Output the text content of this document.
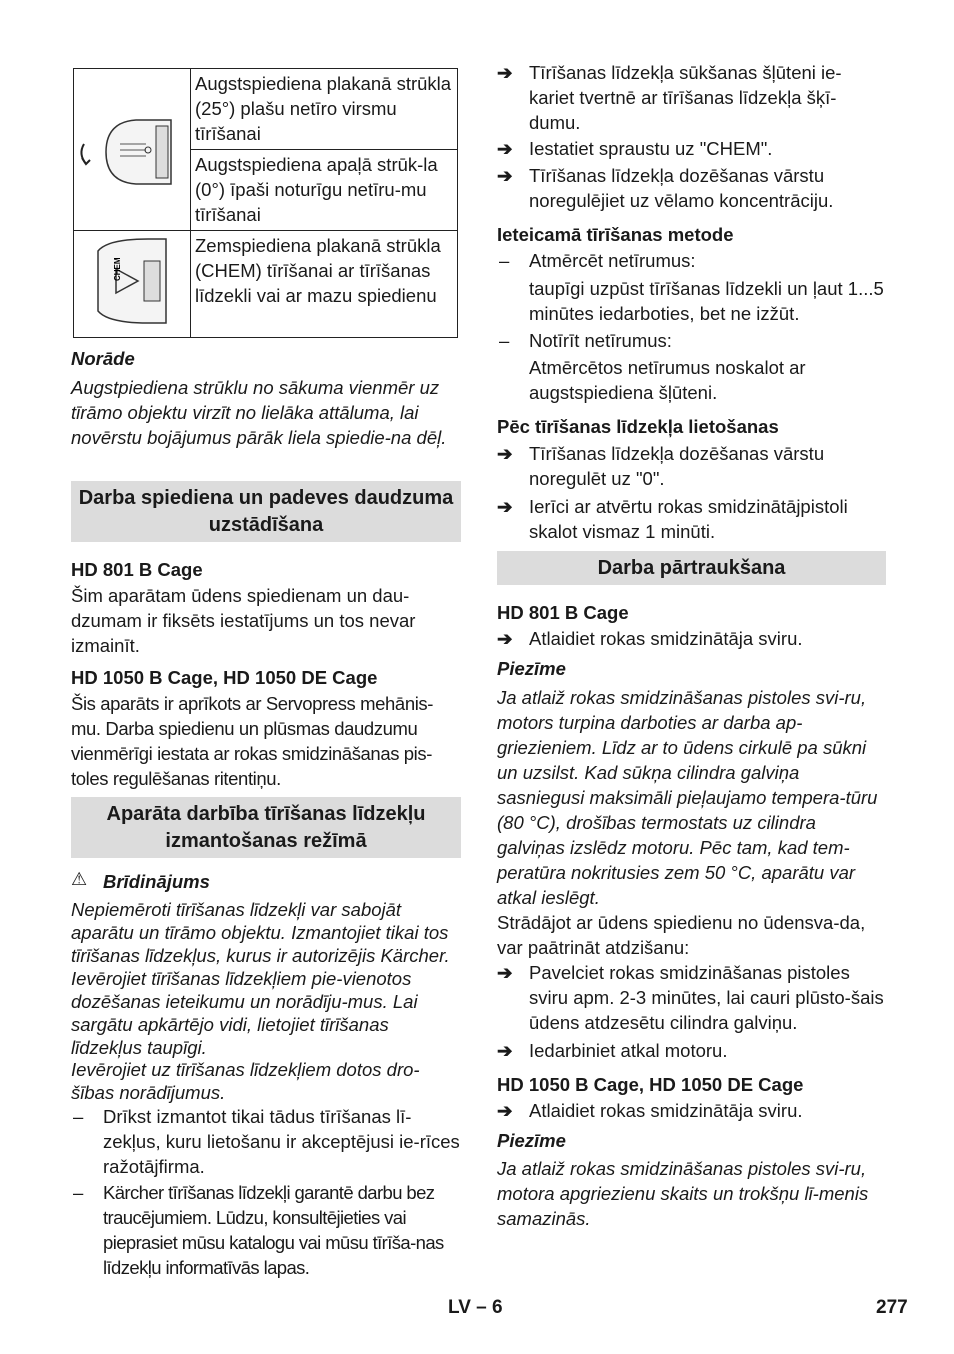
	Augstspiediena plakanā strūkla (25°) plašu netīro virsmu tīrīšanai
	Augstspiediena apaļā strūk-la (0°) īpaši noturīgu netīru-mu tīrīšanai

CHEM	Zemspiediena plakanā strūkla (CHEM) tīrīšanai ar tīrīšanas līdzekli vai ar mazu spiedienu

Norāde

Augstpiediena strūklu no sākuma vienmēr uz tīrāmo objektu virzīt no lielāka attāluma, lai novērstu bojājumus pārāk liela spiedie-na dēļ.

Darba spiediena un padeves daudzuma uzstādīšana

HD 801 B Cage

Šim aparātam ūdens spiedienam un dau-dzumam ir fiksēts iestatījums un tos nevar izmainīt.

HD 1050 B Cage, HD 1050 DE Cage

Šis aparāts ir aprīkots ar Servopress mehānis-mu. Darba spiedienu un plūsmas daudzumu vienmērīgi iestata ar rokas smidzināšanas pis-toles regulēšanas ritentiņu.

Aparāta darbība tīrīšanas līdzekļu izmantošanas režīmā
⚠ Brīdinājums

Nepiemēroti tīrīšanas līdzekļi var sabojāt aparātu un tīrāmo objektu. Izmantojiet tikai tos tīrīšanas līdzekļus, kurus ir autorizējis Kärcher. Ievērojiet tīrīšanas līdzekļiem pie-vienotos dozēšanas ieteikumu un norādīju-mus. Lai sargātu apkārtējo vidi, lietojiet tīrīšanas līdzekļus taupīgi.

Ievērojiet uz tīrīšanas līdzekļiem dotos dro-šības norādījumus.

– Drīkst izmantot tikai tādus tīrīšanas lī-zekļus, kuru lietošanu ir akceptējusi ie-rīces ražotājfirma.
– Kärcher tīrīšanas līdzekļi garantē darbu bez traucējumiem. Lūdzu, konsultējieties vai pieprasiet mūsu katalogu vai mūsu tīrīša-nas līdzekļu informatīvās lapas.
➔ Tīrīšanas līdzekļa sūkšanas šļūteni ie-kariet tvertnē ar tīrīšanas līdzekļa šķī-dumu.
➔ Iestatiet spraustu uz "CHEM".
➔ Tīrīšanas līdzekļa dozēšanas vārstu noregulējiet uz vēlamo koncentrāciju.

Ieteicamā tīrīšanas metode

– Atmērcēt netīrumus:

taupīgi uzpūst tīrīšanas līdzekli un ļaut 1...5 minūtes iedarboties, bet ne izžūt.

– Notīrīt netīrumus:

Atmērcētos netīrumus noskalot ar augstspiediena šļūteni.

Pēc tīrīšanas līdzekļa lietošanas

➔ Tīrīšanas līdzekļa dozēšanas vārstu noregulēt uz "0".
➔ Ierīci ar atvērtu rokas smidzinātājpistoli skalot vismaz 1 minūti.
Darba pārtraukšana

HD 801 B Cage

➔ Atlaidiet rokas smidzinātāja sviru.

Piezīme

Ja atlaiž rokas smidzināšanas pistoles svi-ru, motors turpina darboties ar darba ap-griezieniem. Līdz ar to ūdens cirkulē pa sūkni un uzsilst. Kad sūkņa cilindra galviņa sasniegusi maksimāli pieļaujamo tempera-tūru (80 °C), drošības termostats uz cilindra galviņas izslēdz motoru. Pēc tam, kad tem-peratūra nokritusies zem 50 °C, aparātu var atkal ieslēgt.

Strādājot ar ūdens spiedienu no ūdensva-da, var paātrināt atdzišanu:

➔ Pavelciet rokas smidzināšanas pistoles sviru apm. 2-3 minūtes, lai cauri plūsto-šais ūdens atdzesētu cilindra galviņu.
➔ Iedarbiniet atkal motoru.

HD 1050 B Cage, HD 1050 DE Cage

➔ Atlaidiet rokas smidzinātāja sviru.

Piezīme

Ja atlaiž rokas smidzināšanas pistoles svi-ru, motora apgriezienu skaits un trokšņu lī-menis samazinās.

LV – 6	277
